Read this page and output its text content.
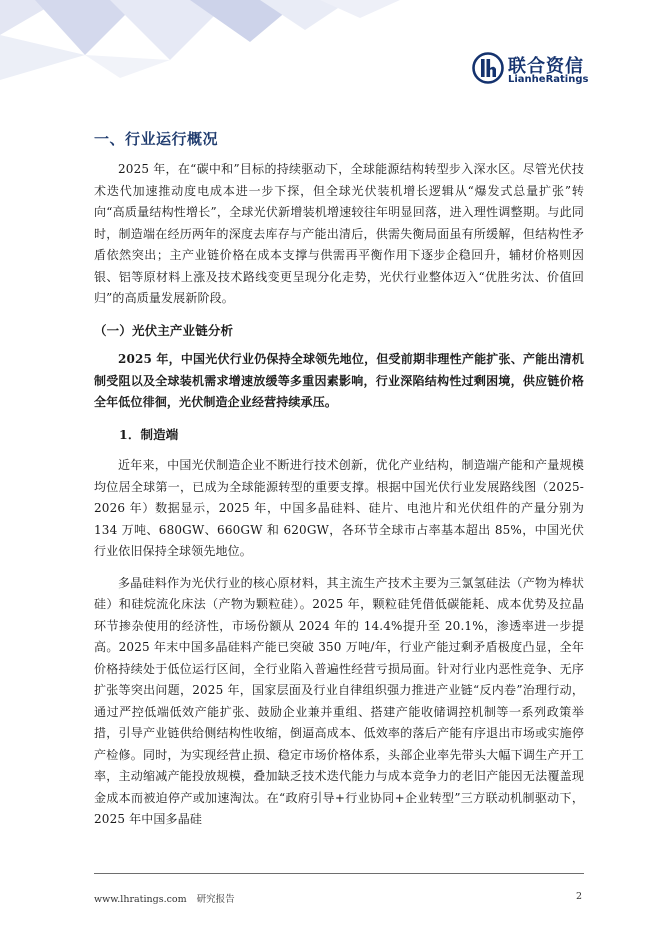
联合资信
LianheRatings
一、行业运行概况

2025 年，在“碳中和”目标的持续驱动下，全球能源结构转型步入深水区。尽管光伏技术迭代加速推动度电成本进一步下探，但全球光伏装机增长逻辑从“爆发式总量扩张”转向“高质量结构性增长”，全球光伏新增装机增速较往年明显回落，进入理性调整期。与此同时，制造端在经历两年的深度去库存与产能出清后，供需失衡局面虽有所缓解，但结构性矛盾依然突出；主产业链价格在成本支撑与供需再平衡作用下逐步企稳回升，辅材价格则因银、铝等原材料上涨及技术路线变更呈现分化走势，光伏行业整体迈入“优胜劣汰、价值回归”的高质量发展新阶段。

（一）光伏主产业链分析

2025 年，中国光伏行业仍保持全球领先地位，但受前期非理性产能扩张、产能出清机制受阻以及全球装机需求增速放缓等多重因素影响，行业深陷结构性过剩困境，供应链价格全年低位徘徊，光伏制造企业经营持续承压。

1．制造端

近年来，中国光伏制造企业不断进行技术创新，优化产业结构，制造端产能和产量规模均位居全球第一，已成为全球能源转型的重要支撑。根据中国光伏行业发展路线图（2025-2026 年）数据显示，2025 年，中国多晶硅料、硅片、电池片和光伏组件的产量分别为 134 万吨、680GW、660GW 和 620GW，各环节全球市占率基本超出 85%，中国光伏行业依旧保持全球领先地位。

多晶硅料作为光伏行业的核心原材料，其主流生产技术主要为三氯氢硅法（产物为棒状硅）和硅烷流化床法（产物为颗粒硅）。2025 年，颗粒硅凭借低碳能耗、成本优势及拉晶环节掺杂使用的经济性，市场份额从 2024 年的 14.4%提升至 20.1%，渗透率进一步提高。2025 年末中国多晶硅料产能已突破 350 万吨/年，行业产能过剩矛盾极度凸显，全年价格持续处于低位运行区间，全行业陷入普遍性经营亏损局面。针对行业内恶性竞争、无序扩张等突出问题，2025 年，国家层面及行业自律组织强力推进产业链“反内卷”治理行动，通过严控低端低效产能扩张、鼓励企业兼并重组、搭建产能收储调控机制等一系列政策举措，引导产业链供给侧结构性收缩，倒逼高成本、低效率的落后产能有序退出市场或实施停产检修。同时，为实现经营止损、稳定市场价格体系，头部企业率先带头大幅下调生产开工率，主动缩减产能投放规模，叠加缺乏技术迭代能力与成本竞争力的老旧产能因无法覆盖现金成本而被迫停产或加速淘汰。在“政府引导+行业协同+企业转型”三方联动机制驱动下，2025 年中国多晶硅

www.lhratings.com 研究报告	2
